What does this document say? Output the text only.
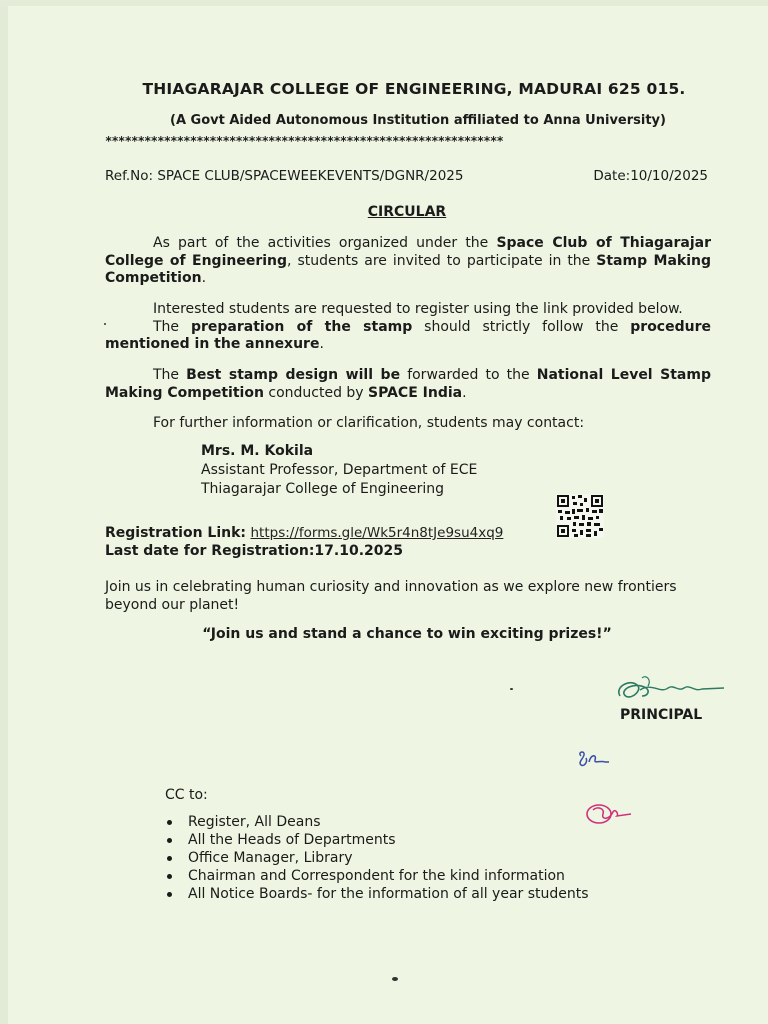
THIAGARAJAR COLLEGE OF ENGINEERING, MADURAI 625 015.
(A Govt Aided Autonomous Institution affiliated to Anna University)
*************************************************************
Ref.No: SPACE CLUB/SPACEWEEKEVENTS/DGNR/2025	Date:10/10/2025
CIRCULAR
As part of the activities organized under the Space Club of Thiagarajar College of Engineering, students are invited to participate in the Stamp Making Competition.
Interested students are requested to register using the link provided below.
The preparation of the stamp should strictly follow the procedure mentioned in the annexure.
The Best stamp design will be forwarded to the National Level Stamp Making Competition conducted by SPACE India.
For further information or clarification, students may contact:
Mrs. M. Kokila
Assistant Professor, Department of ECE
Thiagarajar College of Engineering
Registration Link: https://forms.gle/Wk5r4n8tJe9su4xq9
Last date for Registration:17.10.2025
Join us in celebrating human curiosity and innovation as we explore new frontiers beyond our planet!
“Join us and stand a chance to win exciting prizes!”
PRINCIPAL
CC to:
Register, All Deans
All the Heads of Departments
Office Manager, Library
Chairman and Correspondent for the kind information
All Notice Boards- for the information of all year students
